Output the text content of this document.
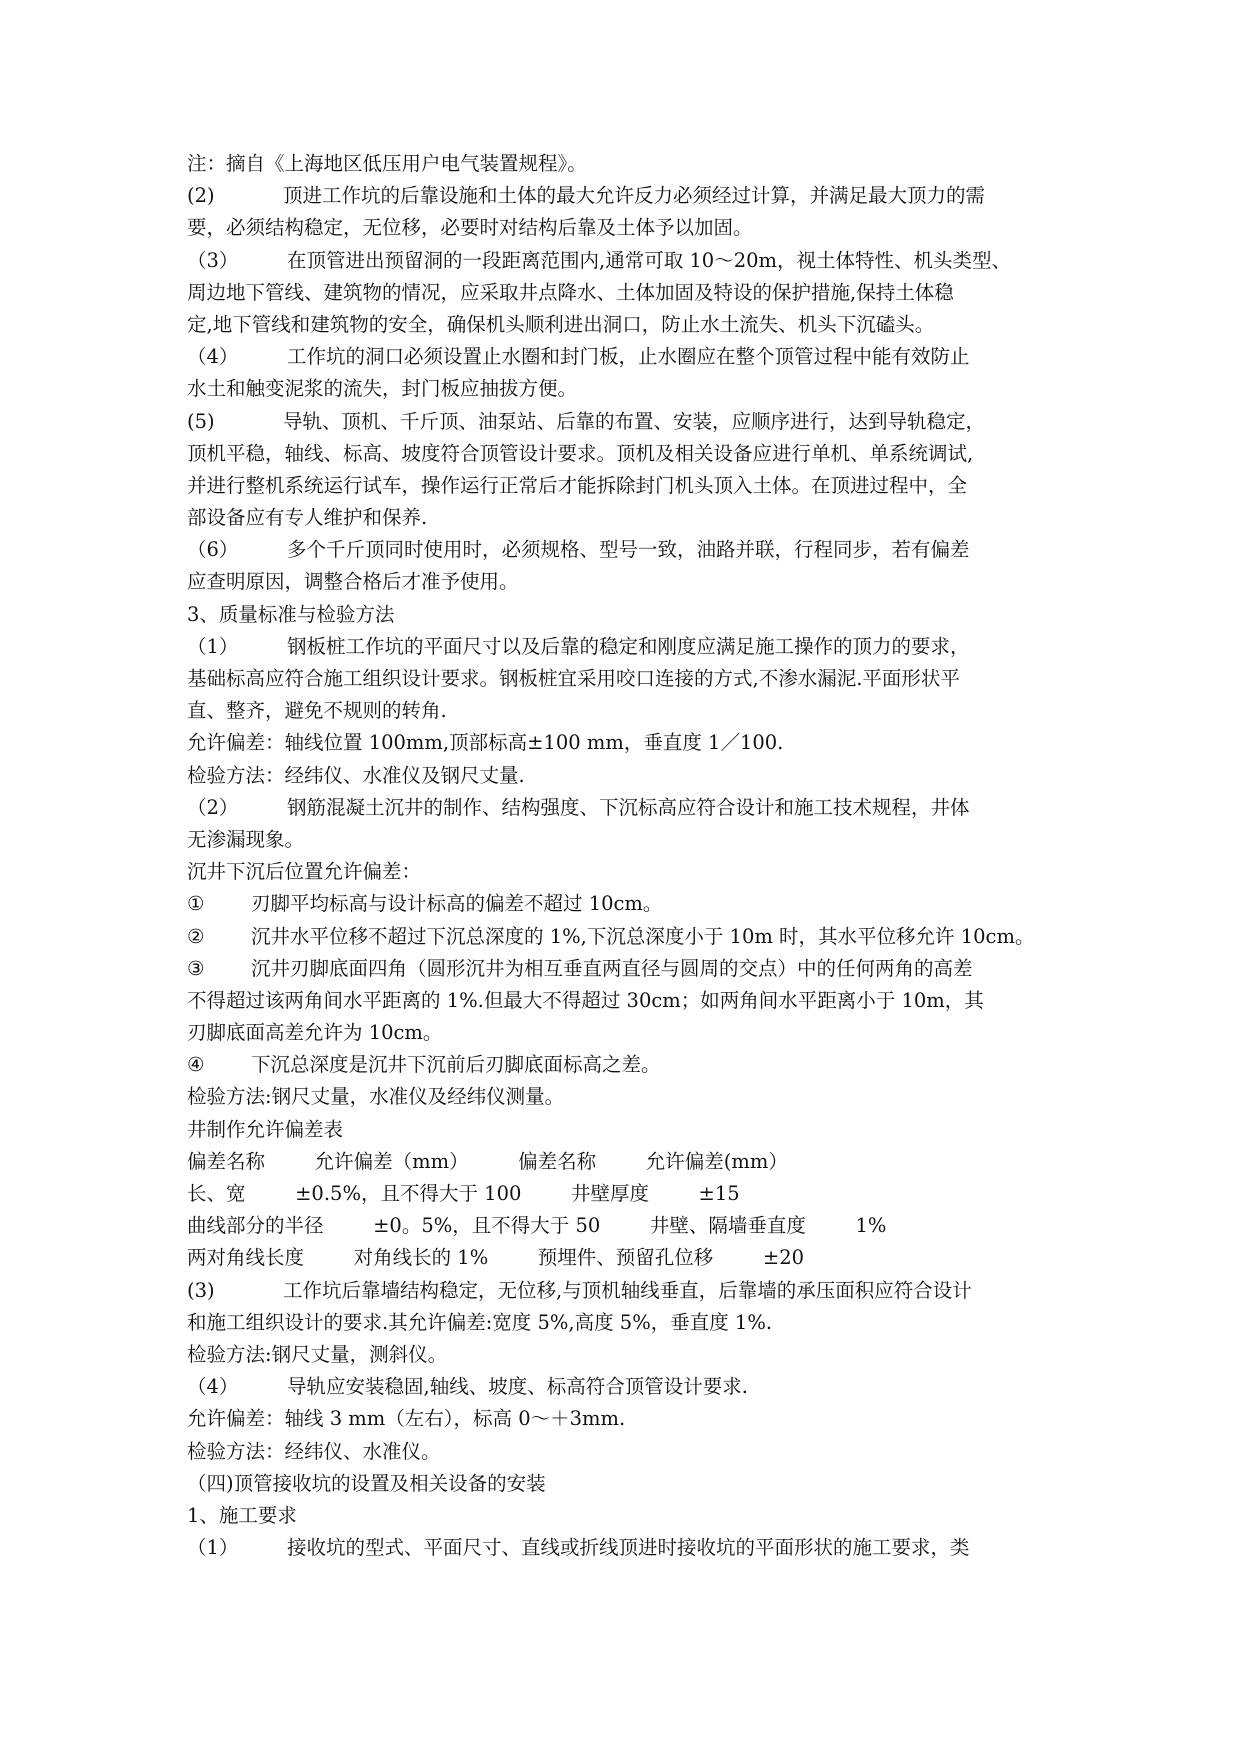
注：摘自《上海地区低压用户电气装置规程》。
(2)	顶进工作坑的后靠设施和土体的最大允许反力必须经过计算，并满足最大顶力的需
要，必须结构稳定，无位移，必要时对结构后靠及土体予以加固。
（3） 在顶管进出预留洞的一段距离范围内,通常可取 10～20m，视土体特性、机头类型、
周边地下管线、建筑物的情况，应采取井点降水、土体加固及特设的保护措施,保持土体稳
定,地下管线和建筑物的安全，确保机头顺利进出洞口，防止水土流失、机头下沉磕头。
（4） 工作坑的洞口必须设置止水圈和封门板，止水圈应在整个顶管过程中能有效防止
水土和触变泥浆的流失，封门板应抽拔方便。
(5)	导轨、顶机、千斤顶、油泵站、后靠的布置、安装，应顺序进行，达到导轨稳定，
顶机平稳，轴线、标高、坡度符合顶管设计要求。顶机及相关设备应进行单机、单系统调试,
并进行整机系统运行试车，操作运行正常后才能拆除封门机头顶入土体。在顶进过程中，全
部设备应有专人维护和保养.
（6） 多个千斤顶同时使用时，必须规格、型号一致，油路并联，行程同步，若有偏差
应查明原因，调整合格后才准予使用。
3、质量标准与检验方法
（1） 钢板桩工作坑的平面尺寸以及后靠的稳定和刚度应满足施工操作的顶力的要求，
基础标高应符合施工组织设计要求。钢板桩宜采用咬口连接的方式,不渗水漏泥.平面形状平
直、整齐，避免不规则的转角.
允许偏差：轴线位置 100mm,顶部标高±100 mm，垂直度 1／100.
检验方法：经纬仪、水准仪及钢尺丈量.
（2） 钢筋混凝土沉井的制作、结构强度、下沉标高应符合设计和施工技术规程，井体
无渗漏现象。
沉井下沉后位置允许偏差：
① 刃脚平均标高与设计标高的偏差不超过 10cm。
② 沉井水平位移不超过下沉总深度的 1%,下沉总深度小于 10m 时，其水平位移允许 10cm。
③ 沉井刃脚底面四角（圆形沉井为相互垂直两直径与圆周的交点）中的任何两角的高差
不得超过该两角间水平距离的 1%.但最大不得超过 30cm；如两角间水平距离小于 10m，其
刃脚底面高差允许为 10cm。
④ 下沉总深度是沉井下沉前后刃脚底面标高之差。
检验方法:钢尺丈量，水准仪及经纬仪测量。
井制作允许偏差表
偏差名称        允许偏差（mm）        偏差名称        允许偏差(mm）
长、宽        ±0.5%，且不得大于 100        井壁厚度        ±15
曲线部分的半径        ±0。5%，且不得大于 50        井壁、隔墙垂直度        1%
两对角线长度        对角线长的 1%        预埋件、预留孔位移        ±20
(3)	工作坑后靠墙结构稳定，无位移,与顶机轴线垂直，后靠墙的承压面积应符合设计
和施工组织设计的要求.其允许偏差:宽度 5%,高度 5%，垂直度 1%.
检验方法:钢尺丈量，测斜仪。
（4） 导轨应安装稳固,轴线、坡度、标高符合顶管设计要求.
允许偏差：轴线 3 mm（左右），标高 0～＋3mm.
检验方法：经纬仪、水准仪。
（四)顶管接收坑的设置及相关设备的安装
1、施工要求
（1） 接收坑的型式、平面尺寸、直线或折线顶进时接收坑的平面形状的施工要求，类
